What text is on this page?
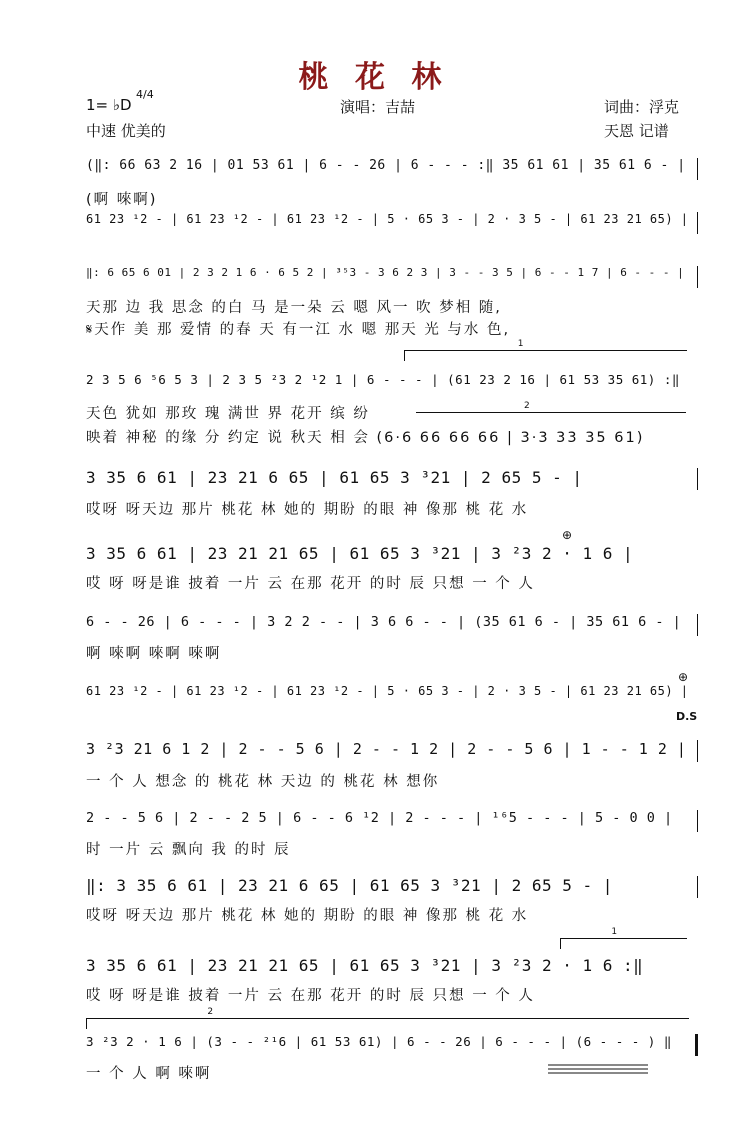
桃 花 林
1= ♭D
4/4
演唱：吉喆	词曲：浮克
中速 优美的	天恩 记谱
(‖: 66 63 2 16 | 01 53 61 | 6 - - 26 | 6 - - - :‖ 35 61 61 | 35 61 6 - |
(啊 唻啊)
61 23 ¹2 - | 61 23 ¹2 - | 61 23 ¹2 - | 5 · 65 3 - | 2 · 3 5 - | 61 23 21 65) |
‖: 6 65 6 01 | 2 3 2 1 6 · 6 5 2 | ³⁵3 - 3 6 2 3 | 3 - - 3 5 | 6 - - 1 7 | 6 - - - |
天那 边 我 思念 的白 马 是一朵 云 嗯 风一 吹 梦相 随,
𝄋天作 美 那 爱情 的春 天 有一江 水 嗯 那天 光 与水 色,
1
2 3 5 6 ⁵6 5 3 | 2 3 5 ²3 2 ¹2 1 | 6 - - - | (61 23 2 16 | 61 53 35 61) :‖
天色 犹如 那玫 瑰 满世 界 花开 缤 纷	2
映着 神秘 的缘 分 约定 说 秋天 相 会 (6·6 66 66 66 | 3·3 33 35 61)
3 35 6 61 | 23 21 6 65 | 61 65 3 ³21 | 2 65 5 - |
哎呀 呀天边 那片 桃花 林 她的 期盼 的眼 神 像那 桃 花 水
3 35 6 61 | 23 21 21 65 | 61 65 3 ³21 | 3 ²3 2 · 1 6 |
哎 呀 呀是谁 披着 一片 云 在那 花开 的时 辰 只想 一 个 人
⊕
6 - - 26 | 6 - - - | 3 2 2 - - | 3 6 6 - - | (35 61 6 - | 35 61 6 - |
啊 唻啊 唻啊 唻啊
61 23 ¹2 - | 61 23 ¹2 - | 61 23 ¹2 - | 5 · 65 3 - | 2 · 3 5 - | 61 23 21 65) |
⊕
D.S
3 ²3 21 6 1 2 | 2 - - 5 6 | 2 - - 1 2 | 2 - - 5 6 | 1 - - 1 2 |
一 个 人 想念 的 桃花 林 天边 的 桃花 林 想你
2 - - 5 6 | 2 - - 2 5 | 6 - - 6 ¹2 | 2 - - - | ¹⁶5 - - - | 5 - 0 0 |
时 一片 云 飘向 我 的时 辰
‖: 3 35 6 61 | 23 21 6 65 | 61 65 3 ³21 | 2 65 5 - |
哎呀 呀天边 那片 桃花 林 她的 期盼 的眼 神 像那 桃 花 水
1
3 35 6 61 | 23 21 21 65 | 61 65 3 ³21 | 3 ²3 2 · 1 6 :‖
哎 呀 呀是谁 披着 一片 云 在那 花开 的时 辰 只想 一 个 人
2
3 ²3 2 · 1 6 | (3 - - ²¹6 | 61 53 61) | 6 - - 26 | 6 - - - | (6 - - - ) ‖
一 个 人 啊 唻啊
